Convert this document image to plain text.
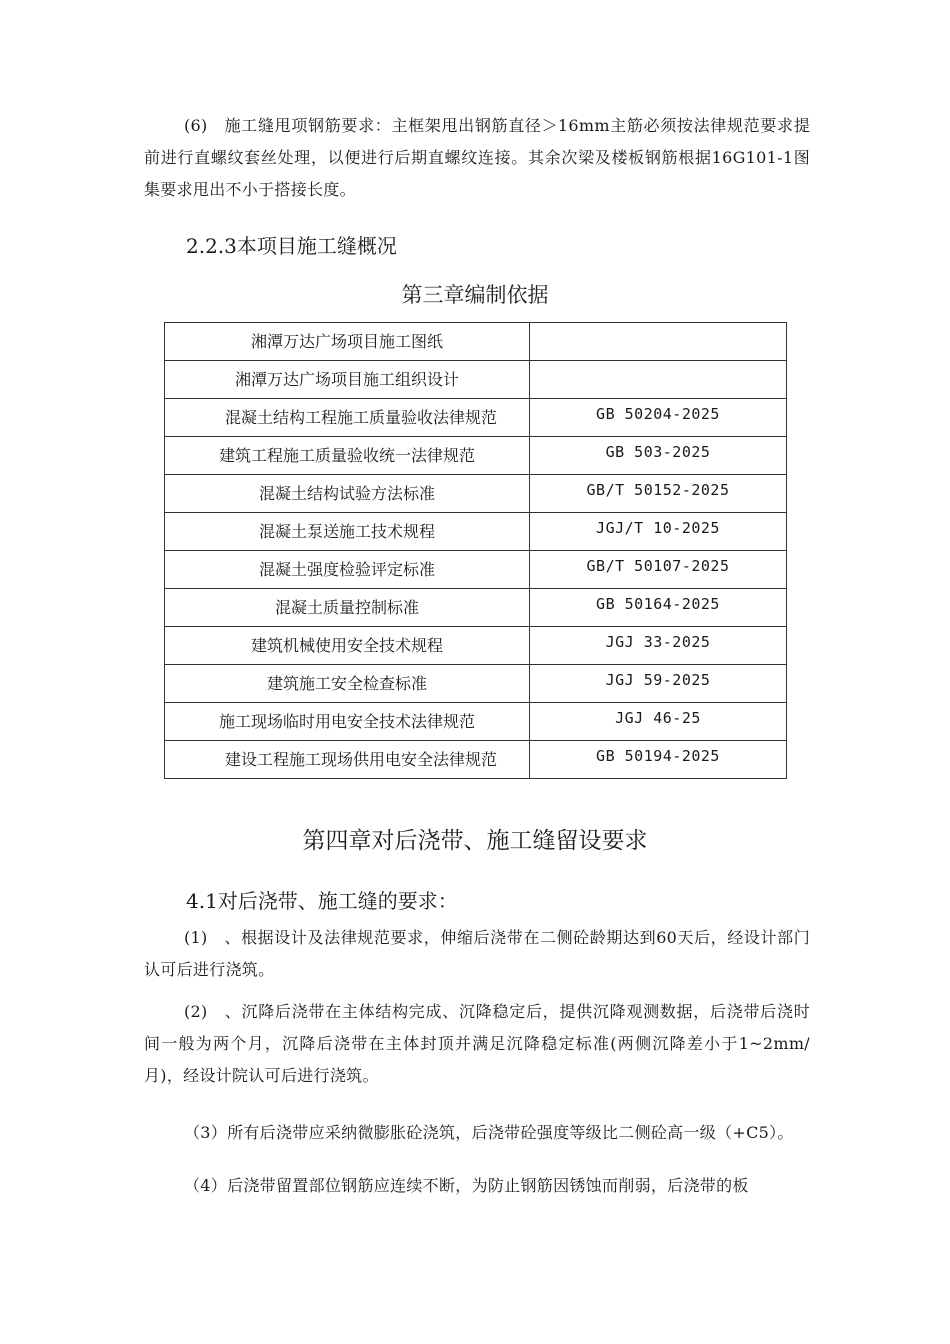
(6)　施工缝甩项钢筋要求：主框架甩出钢筋直径＞16mm主筋必须按法律规范要求提前进行直螺纹套丝处理，以便进行后期直螺纹连接。其余次梁及楼板钢筋根据16G101-1图集要求甩出不小于搭接长度。

2.2.3本项目施工缝概况

第三章编制依据

湘潭万达广场项目施工图纸	

湘潭万达广场项目施工组织设计	

混凝土结构工程施工质量验收法律规范	GB 50204-2025

建筑工程施工质量验收统一法律规范	GB 503-2025

混凝土结构试验方法标准	GB/T 50152-2025

混凝土泵送施工技术规程	JGJ/T 10-2025

混凝土强度检验评定标准	GB/T 50107-2025

混凝土质量控制标准	GB 50164-2025

建筑机械使用安全技术规程	JGJ 33-2025

建筑施工安全检查标准	JGJ 59-2025

施工现场临时用电安全技术法律规范	JGJ 46-25

建设工程施工现场供用电安全法律规范	GB 50194-2025

第四章对后浇带、施工缝留设要求

4.1对后浇带、施工缝的要求：

(1)　、根据设计及法律规范要求，伸缩后浇带在二侧砼龄期达到60天后，经设计部门认可后进行浇筑。

(2)　、沉降后浇带在主体结构完成、沉降稳定后，提供沉降观测数据，后浇带后浇时间一般为两个月，沉降后浇带在主体封顶并满足沉降稳定标准(两侧沉降差小于1~2mm/月)，经设计院认可后进行浇筑。

（3）所有后浇带应采纳微膨胀砼浇筑，后浇带砼强度等级比二侧砼高一级（+C5）。

（4）后浇带留置部位钢筋应连续不断，为防止钢筋因锈蚀而削弱，后浇带的板
